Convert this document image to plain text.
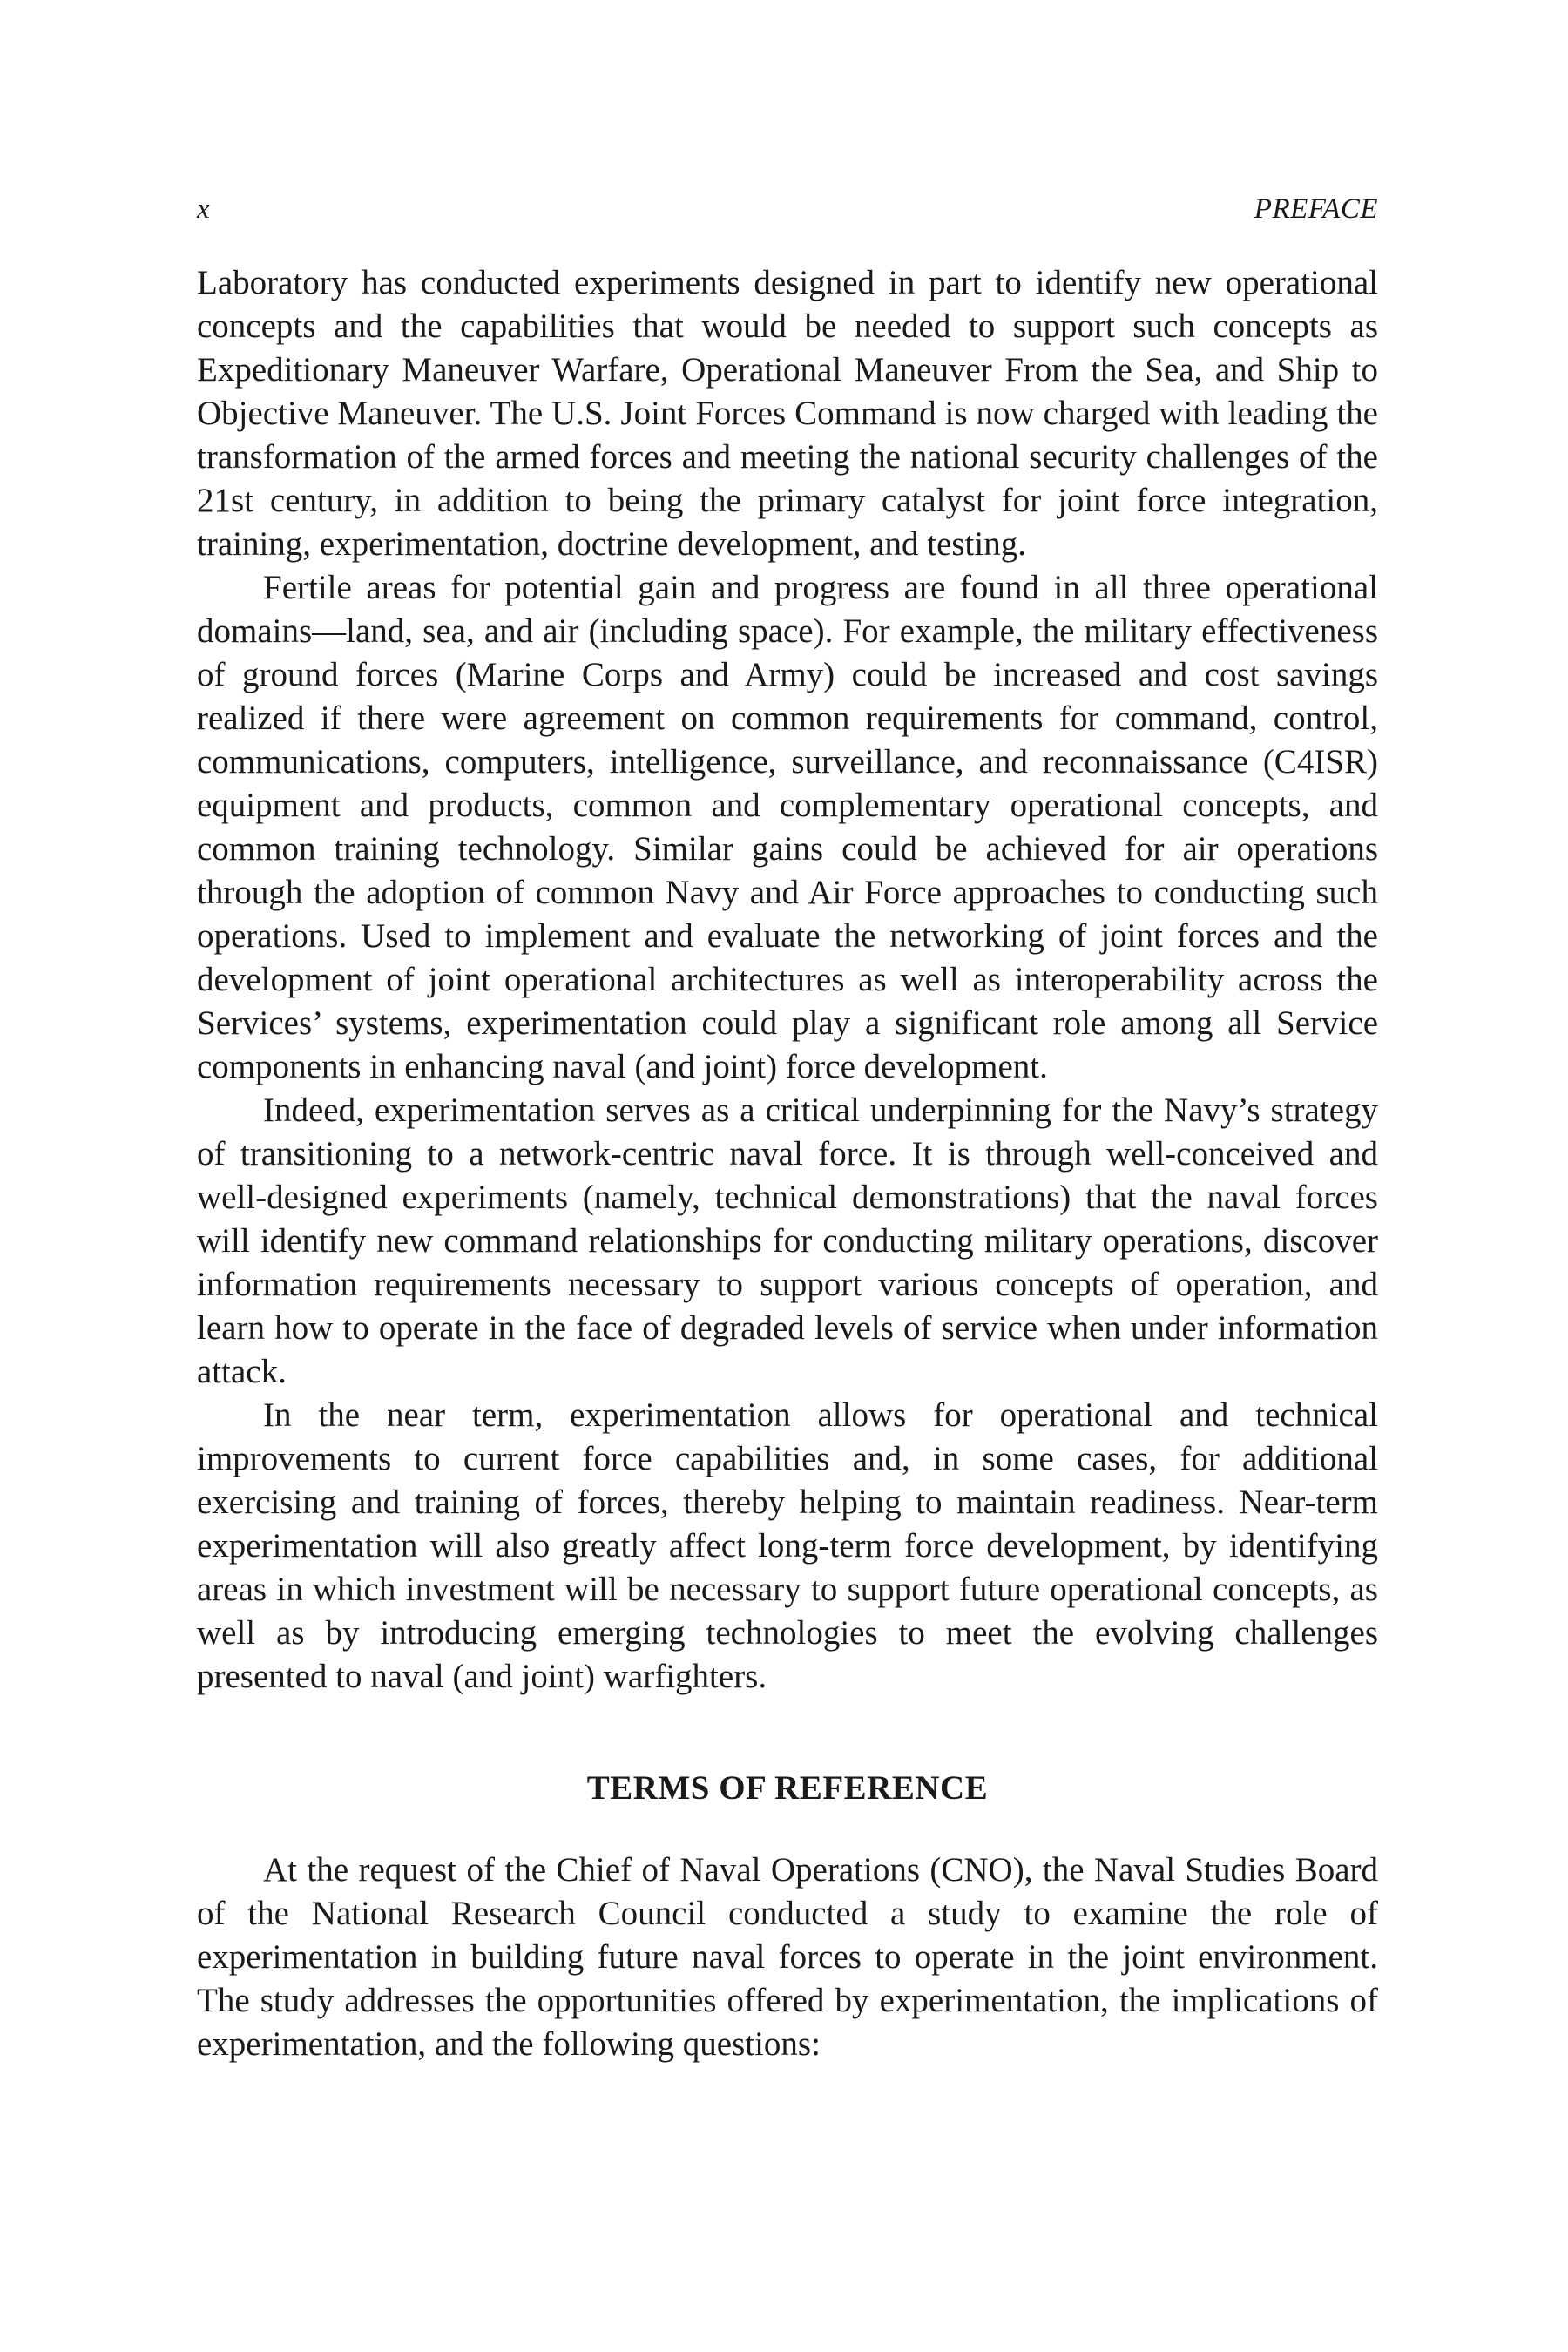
x	PREFACE

Laboratory has conducted experiments designed in part to identify new operational concepts and the capabilities that would be needed to support such concepts as Expeditionary Maneuver Warfare, Operational Maneuver From the Sea, and Ship to Objective Maneuver. The U.S. Joint Forces Command is now charged with leading the transformation of the armed forces and meeting the national security challenges of the 21st century, in addition to being the primary catalyst for joint force integration, training, experimentation, doctrine development, and testing.

Fertile areas for potential gain and progress are found in all three operational domains—land, sea, and air (including space). For example, the military effectiveness of ground forces (Marine Corps and Army) could be increased and cost savings realized if there were agreement on common requirements for command, control, communications, computers, intelligence, surveillance, and reconnaissance (C4ISR) equipment and products, common and complementary operational concepts, and common training technology. Similar gains could be achieved for air operations through the adoption of common Navy and Air Force approaches to conducting such operations. Used to implement and evaluate the networking of joint forces and the development of joint operational architectures as well as interoperability across the Services’ systems, experimentation could play a significant role among all Service components in enhancing naval (and joint) force development.

Indeed, experimentation serves as a critical underpinning for the Navy’s strategy of transitioning to a network-centric naval force. It is through well-conceived and well-designed experiments (namely, technical demonstrations) that the naval forces will identify new command relationships for conducting military operations, discover information requirements necessary to support various concepts of operation, and learn how to operate in the face of degraded levels of service when under information attack.

In the near term, experimentation allows for operational and technical improvements to current force capabilities and, in some cases, for additional exercising and training of forces, thereby helping to maintain readiness. Near-term experimentation will also greatly affect long-term force development, by identifying areas in which investment will be necessary to support future operational concepts, as well as by introducing emerging technologies to meet the evolving challenges presented to naval (and joint) warfighters.

TERMS OF REFERENCE

At the request of the Chief of Naval Operations (CNO), the Naval Studies Board of the National Research Council conducted a study to examine the role of experimentation in building future naval forces to operate in the joint environment. The study addresses the opportunities offered by experimentation, the implications of experimentation, and the following questions:
